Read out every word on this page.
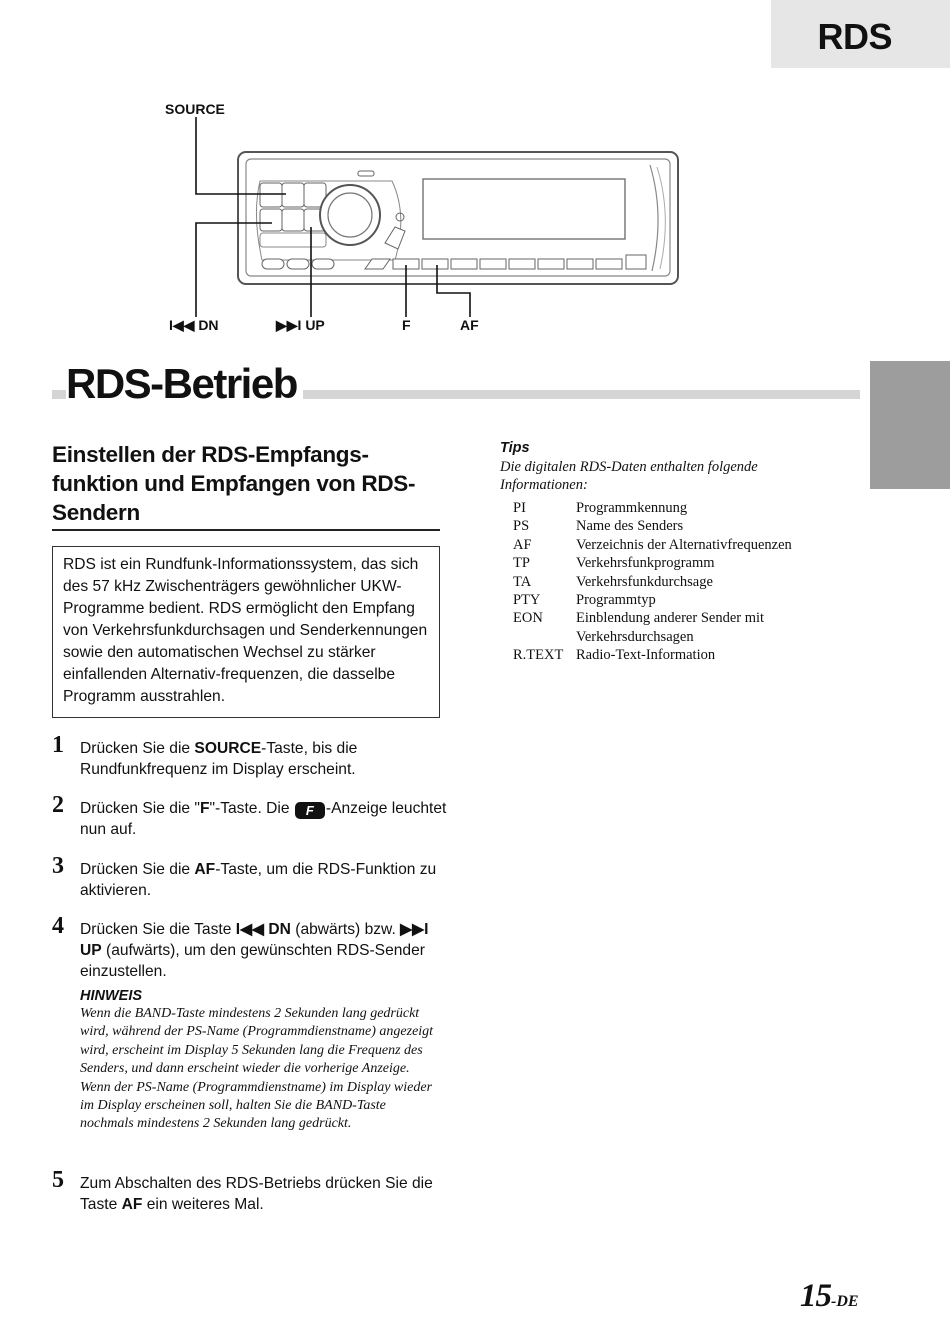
RDS
SOURCE
I◀◀ DN	▶▶I UP	F	AF
RDS-Betrieb
Einstellen der RDS-Empfangs-funktion und Empfangen von RDS-Sendern
RDS ist ein Rundfunk-Informationssystem, das sich des 57 kHz Zwischenträgers gewöhnlicher UKW-Programme bedient. RDS ermöglicht den Empfang von Verkehrsfunkdurchsagen und Senderkennungen sowie den automatischen Wechsel zu stärker einfallenden Alternativ-frequenzen, die dasselbe Programm ausstrahlen.
1 Drücken Sie die SOURCE-Taste, bis die Rundfunkfrequenz im Display erscheint.
2 Drücken Sie die "F"-Taste. Die F -Anzeige leuchtet nun auf.
3 Drücken Sie die AF-Taste, um die RDS-Funktion zu aktivieren.
4 Drücken Sie die Taste I◀◀ DN (abwärts) bzw. ▶▶I UP (aufwärts), um den gewünschten RDS-Sender einzustellen.
HINWEIS
Wenn die BAND-Taste mindestens 2 Sekunden lang gedrückt wird, während der PS-Name (Programmdienstname) angezeigt wird, erscheint im Display 5 Sekunden lang die Frequenz des Senders, und dann erscheint wieder die vorherige Anzeige. Wenn der PS-Name (Programmdienstname) im Display wieder im Display erscheinen soll, halten Sie die BAND-Taste nochmals mindestens 2 Sekunden lang gedrückt.
5 Zum Abschalten des RDS-Betriebs drücken Sie die Taste AF ein weiteres Mal.
Tips
Die digitalen RDS-Daten enthalten folgende Informationen:
PI	Programmkennung
PS	Name des Senders
AF	Verzeichnis der Alternativfrequenzen
TP	Verkehrsfunkprogramm
TA	Verkehrsfunkdurchsage
PTY	Programmtyp
EON	Einblendung anderer Sender mit Verkehrsdurchsagen
R.TEXT	Radio-Text-Information
15-DE
